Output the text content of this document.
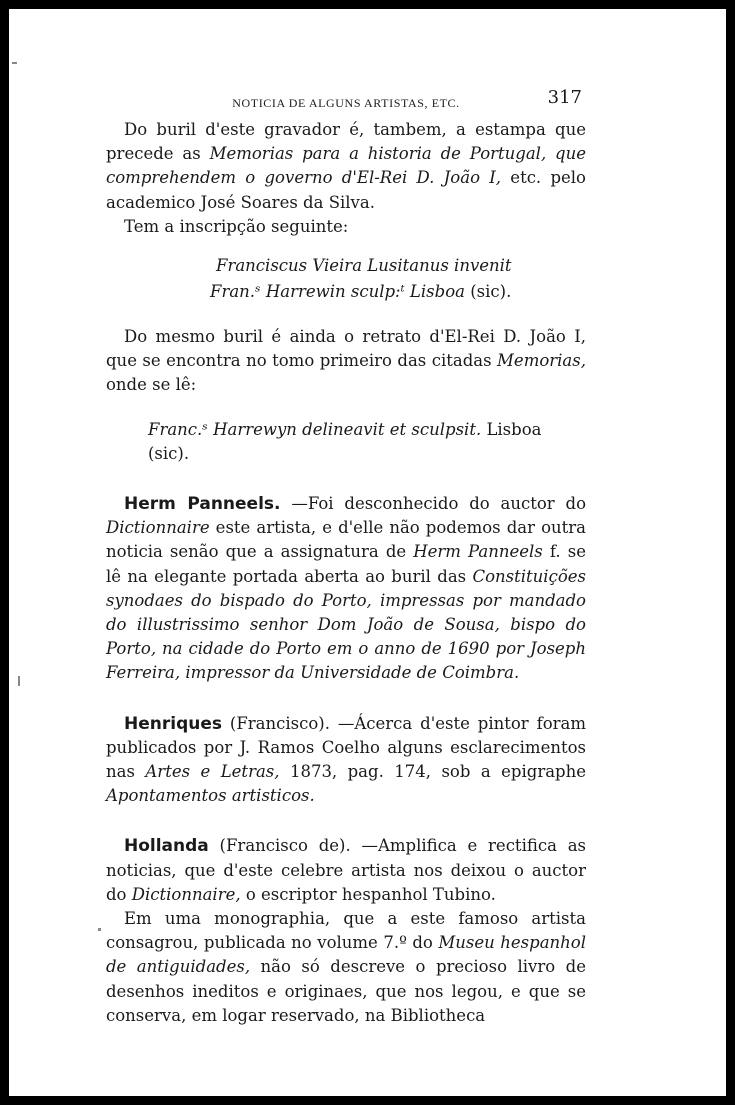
NOTICIA DE ALGUNS ARTISTAS, ETC.	317

Do buril d'este gravador é, tambem, a estampa que precede as Memorias para a historia de Portugal, que comprehendem o governo d'El-Rei D. João I, etc. pelo academico José Soares da Silva.

Tem a inscripção seguinte:

Franciscus Vieira Lusitanus invenit
Fran.ˢ Harrewin sculp:ᵗ Lisboa (sic).

Do mesmo buril é ainda o retrato d'El-Rei D. João I, que se encontra no tomo primeiro das citadas Memorias, onde se lê:

Franc.ˢ Harrewyn delineavit et sculpsit. Lisboa (sic).

Herm Panneels. —Foi desconhecido do auctor do Dictionnaire este artista, e d'elle não podemos dar outra noticia senão que a assignatura de Herm Panneels f. se lê na elegante portada aberta ao buril das Constituições synodaes do bispado do Porto, impressas por mandado do illustrissimo senhor Dom João de Sousa, bispo do Porto, na cidade do Porto em o anno de 1690 por Joseph Ferreira, impressor da Universidade de Coimbra.

Henriques (Francisco). —Ácerca d'este pintor foram publicados por J. Ramos Coelho alguns esclarecimentos nas Artes e Letras, 1873, pag. 174, sob a epigraphe Apontamentos artisticos.

Hollanda (Francisco de). —Amplifica e rectifica as noticias, que d'este celebre artista nos deixou o auctor do Dictionnaire, o escriptor hespanhol Tubino.

Em uma monographia, que a este famoso artista consagrou, publicada no volume 7.º do Museu hespanhol de antiguidades, não só descreve o precioso livro de desenhos ineditos e originaes, que nos legou, e que se conserva, em logar reservado, na Bibliotheca
